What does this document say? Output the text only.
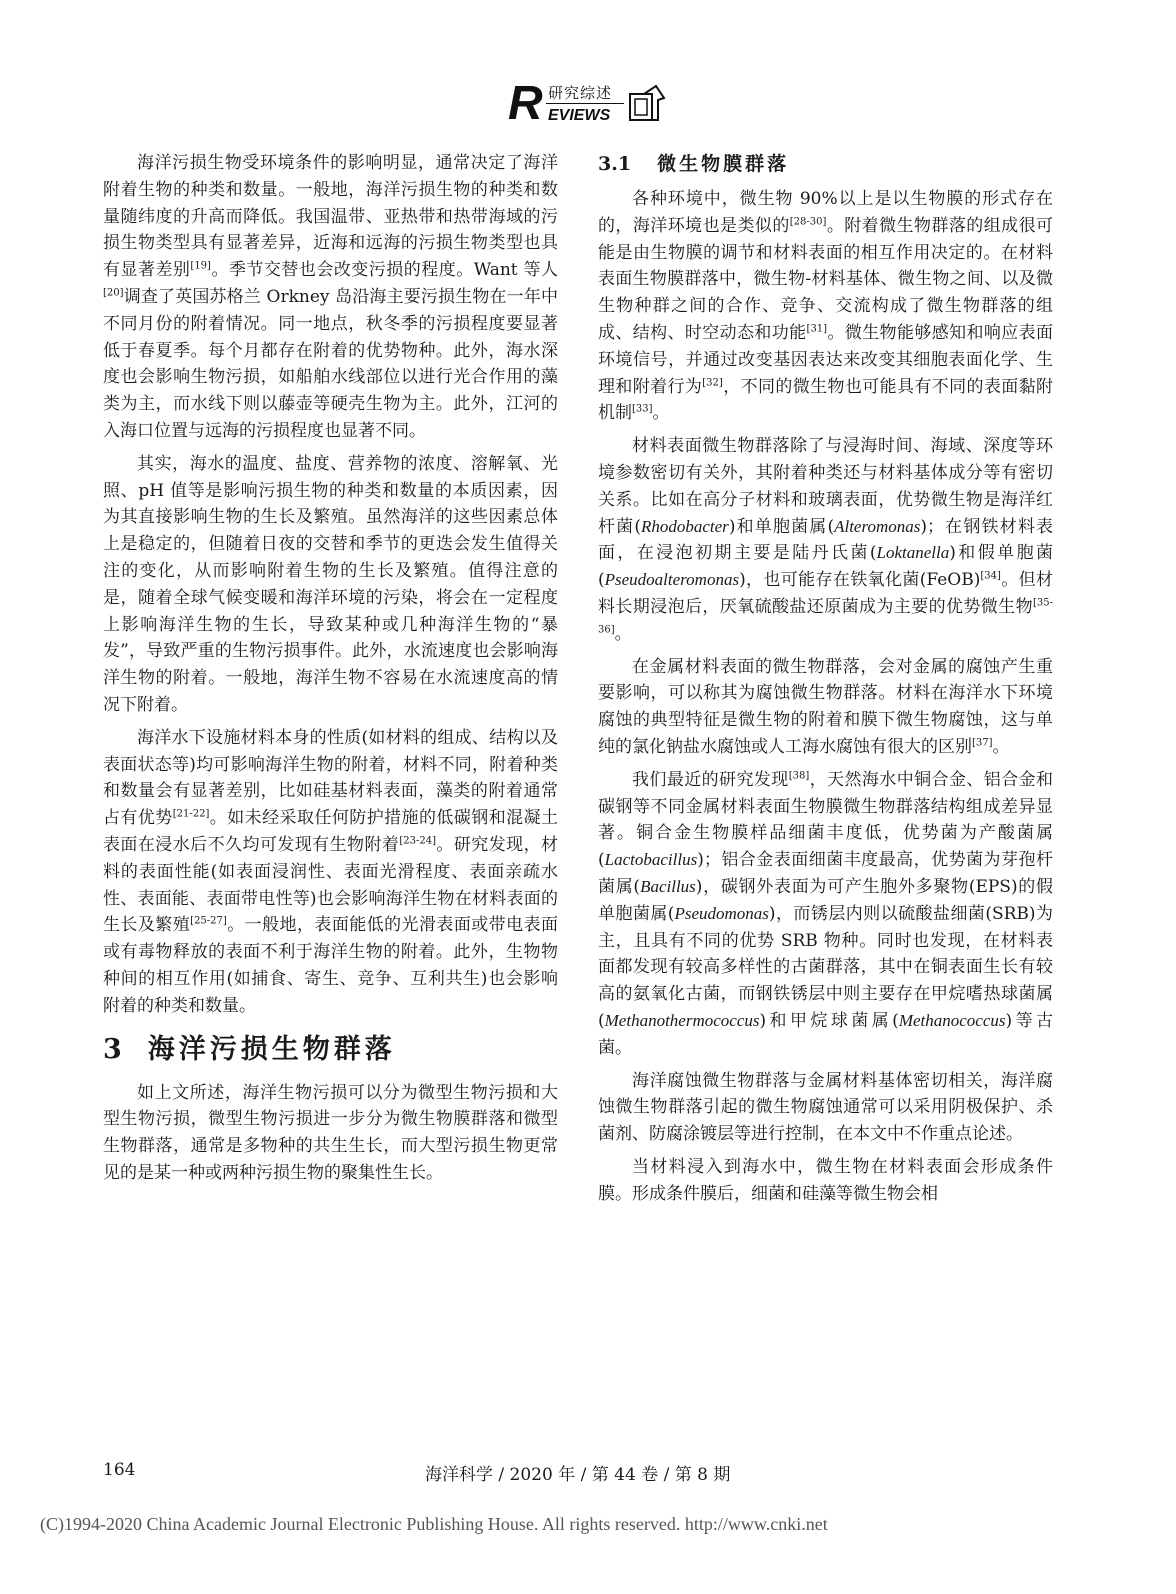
R 研究综述
EVIEWS

海洋污损生物受环境条件的影响明显，通常决定了海洋附着生物的种类和数量。一般地，海洋污损生物的种类和数量随纬度的升高而降低。我国温带、亚热带和热带海域的污损生物类型具有显著差异，近海和远海的污损生物类型也具有显著差别[19]。季节交替也会改变污损的程度。Want 等人[20]调查了英国苏格兰 Orkney 岛沿海主要污损生物在一年中不同月份的附着情况。同一地点，秋冬季的污损程度要显著低于春夏季。每个月都存在附着的优势物种。此外，海水深度也会影响生物污损，如船舶水线部位以进行光合作用的藻类为主，而水线下则以藤壶等硬壳生物为主。此外，江河的入海口位置与远海的污损程度也显著不同。

其实，海水的温度、盐度、营养物的浓度、溶解氧、光照、pH 值等是影响污损生物的种类和数量的本质因素，因为其直接影响生物的生长及繁殖。虽然海洋的这些因素总体上是稳定的，但随着日夜的交替和季节的更迭会发生值得关注的变化，从而影响附着生物的生长及繁殖。值得注意的是，随着全球气候变暖和海洋环境的污染，将会在一定程度上影响海洋生物的生长，导致某种或几种海洋生物的“暴发”，导致严重的生物污损事件。此外，水流速度也会影响海洋生物的附着。一般地，海洋生物不容易在水流速度高的情况下附着。

海洋水下设施材料本身的性质(如材料的组成、结构以及表面状态等)均可影响海洋生物的附着，材料不同，附着种类和数量会有显著差别，比如硅基材料表面，藻类的附着通常占有优势[21-22]。如未经采取任何防护措施的低碳钢和混凝土表面在浸水后不久均可发现有生物附着[23-24]。研究发现，材料的表面性能(如表面浸润性、表面光滑程度、表面亲疏水性、表面能、表面带电性等)也会影响海洋生物在材料表面的生长及繁殖[25-27]。一般地，表面能低的光滑表面或带电表面或有毒物释放的表面不利于海洋生物的附着。此外，生物物种间的相互作用(如捕食、寄生、竞争、互利共生)也会影响附着的种类和数量。

3 海洋污损生物群落

如上文所述，海洋生物污损可以分为微型生物污损和大型生物污损，微型生物污损进一步分为微生物膜群落和微型生物群落，通常是多物种的共生生长，而大型污损生物更常见的是某一种或两种污损生物的聚集性生长。

3.1 微生物膜群落

各种环境中，微生物 90%以上是以生物膜的形式存在的，海洋环境也是类似的[28-30]。附着微生物群落的组成很可能是由生物膜的调节和材料表面的相互作用决定的。在材料表面生物膜群落中，微生物-材料基体、微生物之间、以及微生物种群之间的合作、竞争、交流构成了微生物群落的组成、结构、时空动态和功能[31]。微生物能够感知和响应表面环境信号，并通过改变基因表达来改变其细胞表面化学、生理和附着行为[32]，不同的微生物也可能具有不同的表面黏附机制[33]。

材料表面微生物群落除了与浸海时间、海域、深度等环境参数密切有关外，其附着种类还与材料基体成分等有密切关系。比如在高分子材料和玻璃表面，优势微生物是海洋红杆菌(Rhodobacter)和单胞菌属(Alteromonas)；在钢铁材料表面，在浸泡初期主要是陆丹氏菌(Loktanella)和假单胞菌(Pseudoalteromonas)，也可能存在铁氧化菌(FeOB)[34]。但材料长期浸泡后，厌氧硫酸盐还原菌成为主要的优势微生物[35-36]。

在金属材料表面的微生物群落，会对金属的腐蚀产生重要影响，可以称其为腐蚀微生物群落。材料在海洋水下环境腐蚀的典型特征是微生物的附着和膜下微生物腐蚀，这与单纯的氯化钠盐水腐蚀或人工海水腐蚀有很大的区别[37]。

我们最近的研究发现[38]，天然海水中铜合金、铝合金和碳钢等不同金属材料表面生物膜微生物群落结构组成差异显著。铜合金生物膜样品细菌丰度低，优势菌为产酸菌属(Lactobacillus)；铝合金表面细菌丰度最高，优势菌为芽孢杆菌属(Bacillus)，碳钢外表面为可产生胞外多聚物(EPS)的假单胞菌属(Pseudomonas)，而锈层内则以硫酸盐细菌(SRB)为主，且具有不同的优势 SRB 物种。同时也发现，在材料表面都发现有较高多样性的古菌群落，其中在铜表面生长有较高的氨氧化古菌，而钢铁锈层中则主要存在甲烷嗜热球菌属(Methanothermococcus)和甲烷球菌属(Methanococcus)等古菌。

海洋腐蚀微生物群落与金属材料基体密切相关，海洋腐蚀微生物群落引起的微生物腐蚀通常可以采用阴极保护、杀菌剂、防腐涂镀层等进行控制，在本文中不作重点论述。

当材料浸入到海水中，微生物在材料表面会形成条件膜。形成条件膜后，细菌和硅藻等微生物会相

164	海洋科学 / 2020 年 / 第 44 卷 / 第 8 期
(C)1994-2020 China Academic Journal Electronic Publishing House. All rights reserved. http://www.cnki.net
